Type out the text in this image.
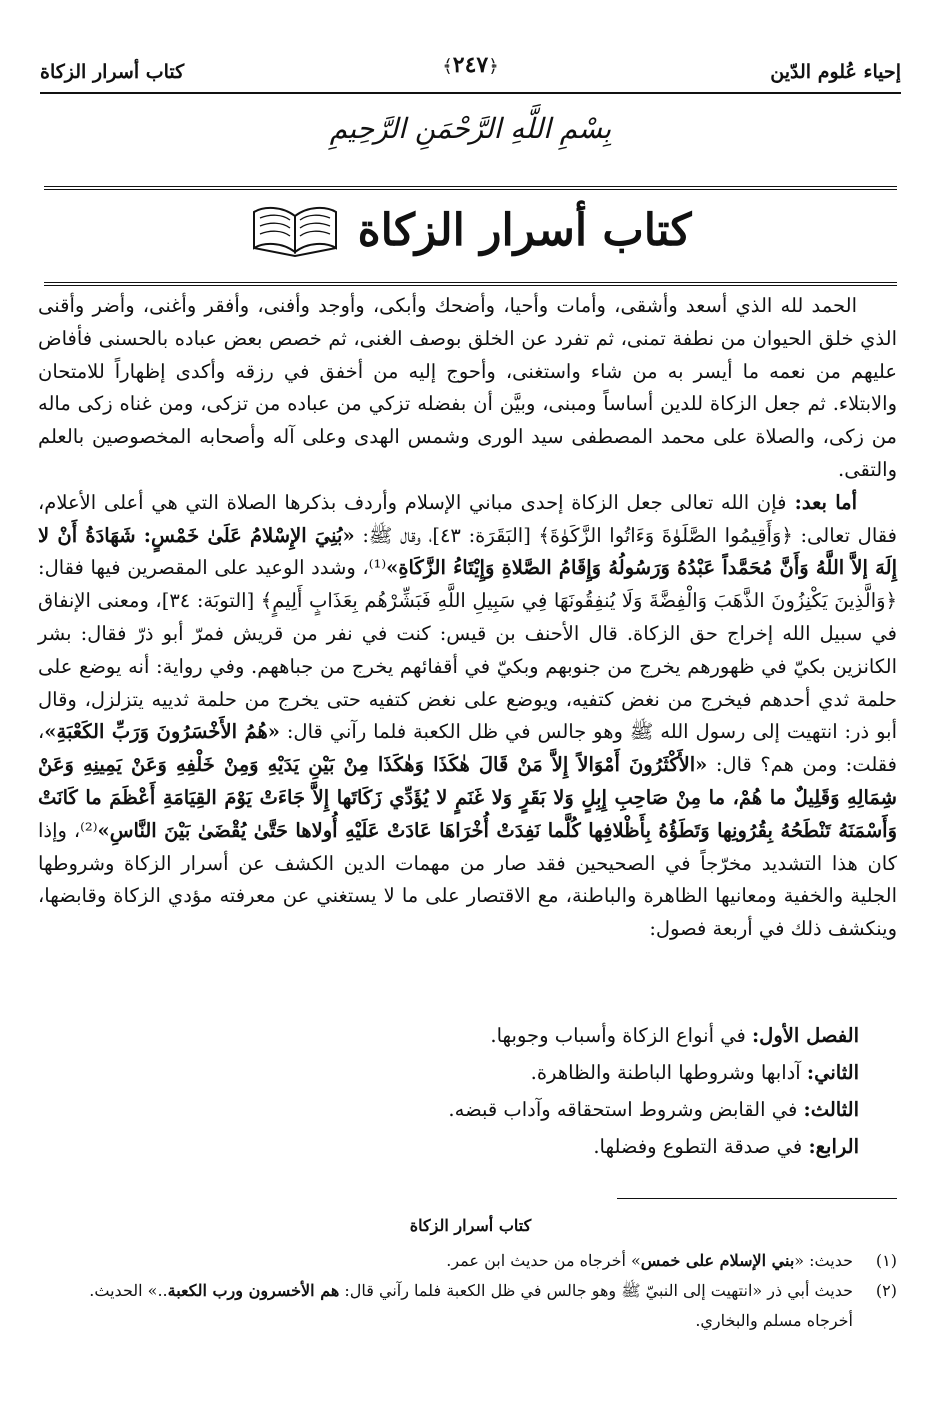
إحياء عُلوم الدّين
﴿٢٤٧﴾
كتاب أسرار الزكاة
بِسْمِ اللَّهِ الرَّحْمَنِ الرَّحِيمِ
كتاب أسرار الزكاة

الحمد لله الذي أسعد وأشقى، وأمات وأحيا، وأضحك وأبكى، وأوجد وأفنى، وأفقر وأغنى، وأضر وأقنى الذي خلق الحيوان من نطفة تمنى، ثم تفرد عن الخلق بوصف الغنى، ثم خصص بعض عباده بالحسنى فأفاض عليهم من نعمه ما أيسر به من شاء واستغنى، وأحوج إليه من أخفق في رزقه وأكدى إظهاراً للامتحان والابتلاء. ثم جعل الزكاة للدين أساساً ومبنى، وبيَّن أن بفضله تزكي من عباده من تزكى، ومن غناه زكى ماله من زكى، والصلاة على محمد المصطفى سيد الورى وشمس الهدى وعلى آله وأصحابه المخصوصين بالعلم والتقى.

أما بعد: فإن الله تعالى جعل الزكاة إحدى مباني الإسلام وأردف بذكرها الصلاة التي هي أعلى الأعلام، فقال تعالى: ﴿وَأَقِيمُوا الصَّلَوٰةَ وَءَاتُوا الزَّكَوٰةَ﴾ [البَقَرَة: ٤٣]، وقال ﷺ: «بُنِيَ الإِسْلامُ عَلَىٰ خَمْسٍ: شَهَادَةُ أَنْ لا إِلَهَ إلاَّ اللَّهُ وَأَنَّ مُحَمَّداً عَبْدُهُ وَرَسُولُهُ وَإِقَامُ الصَّلاةِ وَإِيْتَاءُ الزَّكَاةِ»⁽¹⁾، وشدد الوعيد على المقصرين فيها فقال: ﴿وَالَّذِينَ يَكْنِزُونَ الذَّهَبَ وَالْفِضَّةَ وَلَا يُنفِقُونَهَا فِي سَبِيلِ اللَّهِ فَبَشِّرْهُم بِعَذَابٍ أَلِيمٍ﴾ [التوبَة: ٣٤]، ومعنى الإنفاق في سبيل الله إخراج حق الزكاة. قال الأحنف بن قيس: كنت في نفر من قريش فمرّ أبو ذرّ فقال: بشر الكانزين بكيّ في ظهورهم يخرج من جنوبهم وبكيّ في أقفائهم يخرج من جباههم. وفي رواية: أنه يوضع على حلمة ثدي أحدهم فيخرج من نغض كتفيه، ويوضع على نغض كتفيه حتى يخرج من حلمة ثدييه يتزلزل، وقال أبو ذر: انتهيت إلى رسول الله ﷺ وهو جالس في ظل الكعبة فلما رآني قال: «هُمُ الأَخْسَرُونَ وَرَبِّ الكَعْبَةِ»، فقلت: ومن هم؟ قال: «الأَكْثَرُونَ أَمْوَالاً إِلاَّ مَنْ قَالَ هٰكَذَا وَهٰكَذَا مِنْ بَيْنِ يَدَيْهِ وَمِنْ خَلْفِهِ وَعَنْ يَمِينِهِ وَعَنْ شِمَالِهِ وَقَلِيلٌ ما هُمْ، ما مِنْ صَاحِبِ إِبِلٍ وَلا بَقَرٍ وَلا غَنَمٍ لا يُؤَدِّي زَكَاتَها إِلاَّ جَاءَتْ يَوْمَ القِيَامَةِ أَعْظَمَ ما كَانَتْ وَأَسْمَنَهُ تَنْطَحُهُ بِقُرُونِها وَتَطَؤُهُ بِأَظْلافِها كُلَّما نَفِدَتْ أُخْرَاهَا عَادَتْ عَلَيْهِ أُولاها حَتَّىٰ يُقْضَىٰ بَيْنَ النَّاسِ»⁽²⁾، وإذا كان هذا التشديد مخرّجاً في الصحيحين فقد صار من مهمات الدين الكشف عن أسرار الزكاة وشروطها الجلية والخفية ومعانيها الظاهرة والباطنة، مع الاقتصار على ما لا يستغني عن معرفته مؤدي الزكاة وقابضها، وينكشف ذلك في أربعة فصول:

الفصل الأول: في أنواع الزكاة وأسباب وجوبها.
الثاني: آدابها وشروطها الباطنة والظاهرة.
الثالث: في القابض وشروط استحقاقه وآداب قبضه.
الرابع: في صدقة التطوع وفضلها.
كتاب أسرار الزكاة
(١)
حديث: «بني الإسلام على خمس» أخرجاه من حديث ابن عمر.
(٢)
حديث أبي ذر «انتهيت إلى النبيّ ﷺ وهو جالس في ظل الكعبة فلما رآني قال: هم الأخسرون ورب الكعبة..» الحديث. أخرجاه مسلم والبخاري.
